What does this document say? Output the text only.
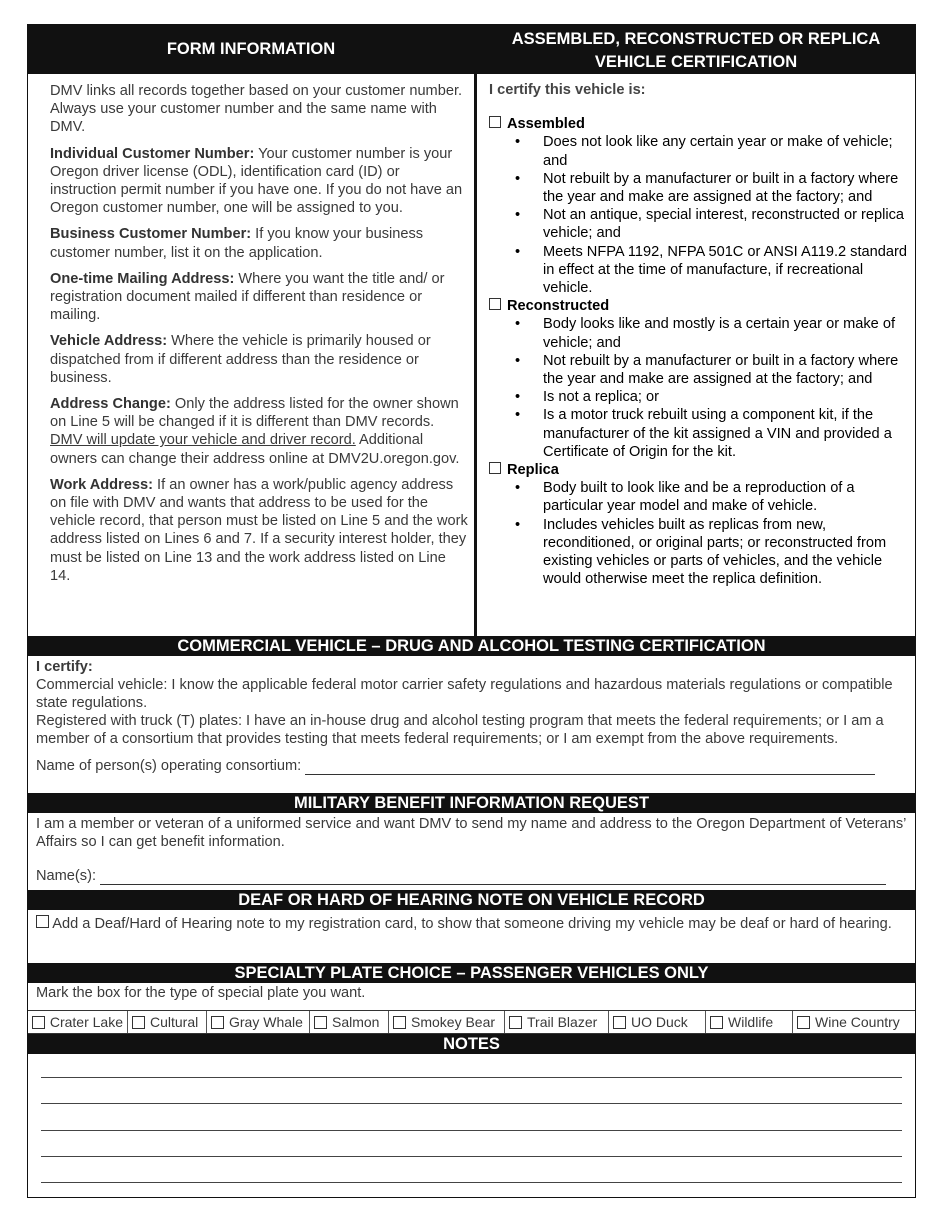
FORM INFORMATION

DMV links all records together based on your customer number. Always use your customer number and the same name with DMV.

Individual Customer Number: Your customer number is your Oregon driver license (ODL), identification card (ID) or instruction permit number if you have one. If you do not have an Oregon customer number, one will be assigned to you.

Business Customer Number: If you know your business customer number, list it on the application.

One-time Mailing Address: Where you want the title and/ or registration document mailed if different than residence or mailing.

Vehicle Address: Where the vehicle is primarily housed or dispatched from if different address than the residence or business.

Address Change: Only the address listed for the owner shown on Line 5 will be changed if it is different than DMV records. DMV will update your vehicle and driver record. Additional owners can change their address online at DMV2U.oregon.gov.

Work Address: If an owner has a work/public agency address on file with DMV and wants that address to be used for the vehicle record, that person must be listed on Line 5 and the work address listed on Lines 6 and 7. If a security interest holder, they must be listed on Line 13 and the work address listed on Line 14.

ASSEMBLED, RECONSTRUCTED OR REPLICA
VEHICLE CERTIFICATION
I certify this vehicle is:
Assembled
• Does not look like any certain year or make of vehicle; and
• Not rebuilt by a manufacturer or built in a factory where the year and make are assigned at the factory; and
• Not an antique, special interest, reconstructed or replica vehicle; and
• Meets NFPA 1192, NFPA 501C or ANSI A119.2 standard in effect at the time of manufacture, if recreational vehicle.
Reconstructed
• Body looks like and mostly is a certain year or make of vehicle; and
• Not rebuilt by a manufacturer or built in a factory where the year and make are assigned at the factory; and
• Is not a replica; or
• Is a motor truck rebuilt using a component kit, if the manufacturer of the kit assigned a VIN and provided a Certificate of Origin for the kit.
Replica
• Body built to look like and be a reproduction of a particular year model and make of vehicle.
• Includes vehicles built as replicas from new, reconditioned, or original parts; or reconstructed from existing vehicles or parts of vehicles, and the vehicle would otherwise meet the replica definition.
COMMERCIAL VEHICLE – DRUG AND ALCOHOL TESTING CERTIFICATION
I certify:
Commercial vehicle: I know the applicable federal motor carrier safety regulations and hazardous materials regulations or compatible state regulations.
Registered with truck (T) plates: I have an in-house drug and alcohol testing program that meets the federal requirements; or I am a member of a consortium that provides testing that meets federal requirements; or I am exempt from the above requirements.
Name of person(s) operating consortium:
MILITARY BENEFIT INFORMATION REQUEST
I am a member or veteran of a uniformed service and want DMV to send my name and address to the Oregon Department of Veterans’ Affairs so I can get benefit information.
Name(s):
DEAF OR HARD OF HEARING NOTE ON VEHICLE RECORD
Add a Deaf/Hard of Hearing note to my registration card, to show that someone driving my vehicle may be deaf or hard of hearing.
SPECIALTY PLATE CHOICE – PASSENGER VEHICLES ONLY
Mark the box for the type of special plate you want.
Crater Lake Cultural Gray Whale Salmon Smokey Bear Trail Blazer UO Duck	Wildlife	Wine Country
NOTES
